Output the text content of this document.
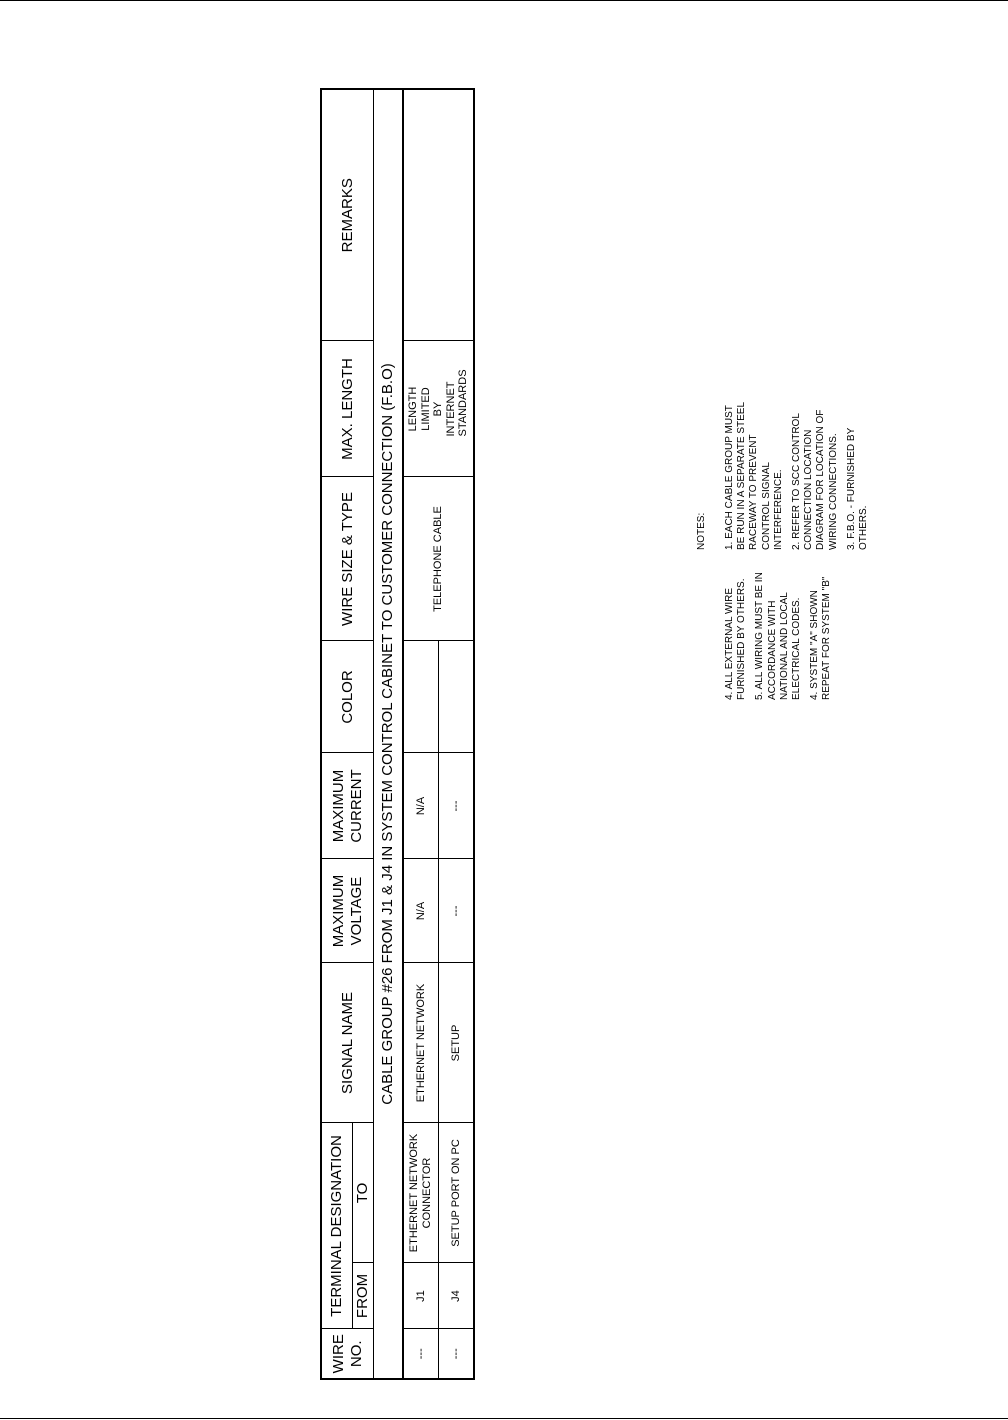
WIRE NO.	TERMINAL DESIGNATION		SIGNAL NAME	MAXIMUM VOLTAGE	MAXIMUM CURRENT	COLOR	WIRE SIZE & TYPE	MAX. LENGTH	REMARKS
	FROM	TO							
CABLE GROUP #26 FROM J1 & J4 IN SYSTEM CONTROL CABINET TO CUSTOMER CONNECTION (F.B.O)									
---	J1	ETHERNET NETWORK CONNECTOR	ETHERNET NETWORK	N/A	N/A		TELEPHONE CABLE	LENGTH LIMITED BY INTERNET STANDARDS	
---	J4	SETUP PORT ON PC	SETUP	---	---				
NOTES: 1. EACH CABLE GROUP MUST BE RUN IN A SEPARATE STEEL RACEWAY TO PREVENT CONTROL SIGNAL INTERFERENCE. 2. REFER TO SCC CONTROL CONNECTION LOCATION DIAGRAM FOR LOCATION OF WIRING CONNECTIONS. 3. F.B.O. - FURNISHED BY OTHERS.

4. ALL EXTERNAL WIRE FURNISHED BY OTHERS. 5. ALL WIRING MUST BE IN ACCORDANCE WITH NATIONAL AND LOCAL ELECTRICAL CODES. 4. SYSTEM "A" SHOWN REPEAT FOR SYSTEM "B"
